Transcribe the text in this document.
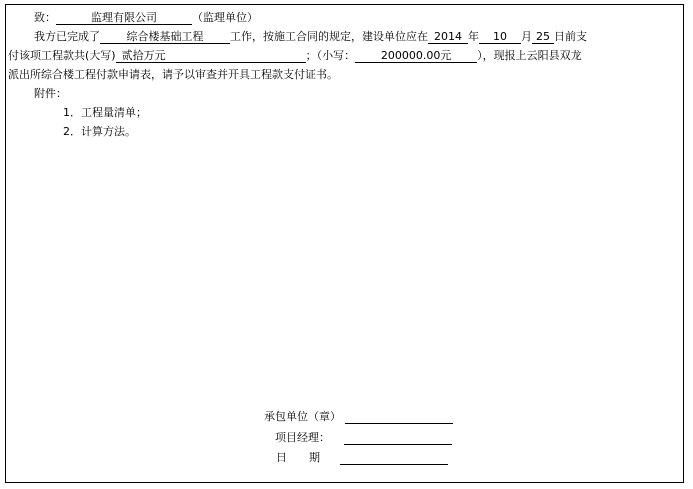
致：	监理有限公司	（监理单位）
我方已完成了 综合楼基础工程 工作，按施工合同的规定，建设单位应在 2014 年 10 月 25 日前支
付该项工程款共(大写) 贰拾万元	；（小写： 200000.00元 ），现报上云阳县双龙
派出所综合楼工程付款申请表，请予以审查并开具工程款支付证书。
附件：
1．工程量清单；
2．计算方法。
承包单位（章）
项目经理：
日　　期
